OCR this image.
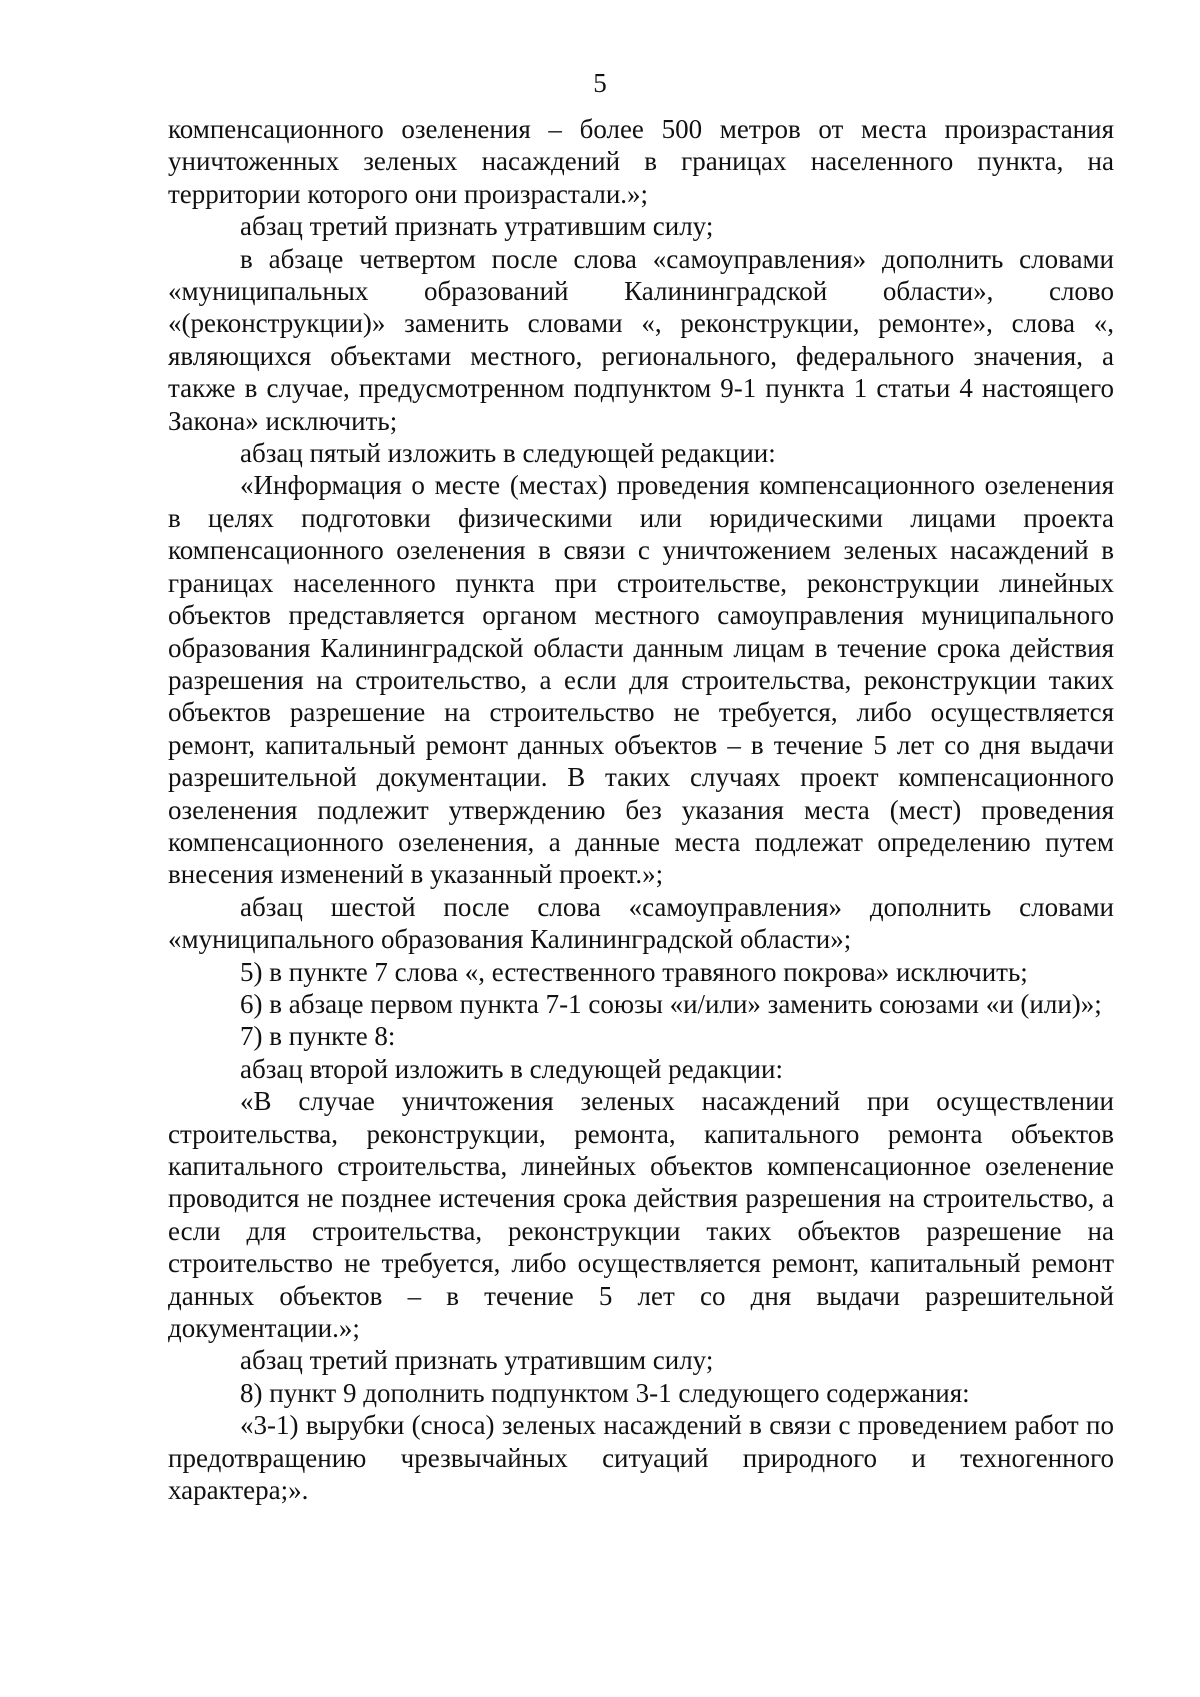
5

компенсационного озеленения – более 500 метров от места произрастания уничтоженных зеленых насаждений в границах населенного пункта, на территории которого они произрастали.»;

абзац третий признать утратившим силу;

в абзаце четвертом после слова «самоуправления» дополнить словами «муниципальных образований Калининградской области», слово «(реконструкции)» заменить словами «, реконструкции, ремонте», слова «, являющихся объектами местного, регионального, федерального значения, а также в случае, предусмотренном подпунктом 9-1 пункта 1 статьи 4 настоящего Закона» исключить;

абзац пятый изложить в следующей редакции:

«Информация о месте (местах) проведения компенсационного озеленения в целях подготовки физическими или юридическими лицами проекта компенсационного озеленения в связи с уничтожением зеленых насаждений в границах населенного пункта при строительстве, реконструкции линейных объектов представляется органом местного самоуправления муниципального образования Калининградской области данным лицам в течение срока действия разрешения на строительство, а если для строительства, реконструкции таких объектов разрешение на строительство не требуется, либо осуществляется ремонт, капитальный ремонт данных объектов – в течение 5 лет со дня выдачи разрешительной документации. В таких случаях проект компенсационного озеленения подлежит утверждению без указания места (мест) проведения компенсационного озеленения, а данные места подлежат определению путем внесения изменений в указанный проект.»;

абзац шестой после слова «самоуправления» дополнить словами «муниципального образования Калининградской области»;

5) в пункте 7 слова «, естественного травяного покрова» исключить;

6) в абзаце первом пункта 7-1 союзы «и/или» заменить союзами «и (или)»;

7) в пункте 8:

абзац второй изложить в следующей редакции:

«В случае уничтожения зеленых насаждений при осуществлении строительства, реконструкции, ремонта, капитального ремонта объектов капитального строительства, линейных объектов компенсационное озеленение проводится не позднее истечения срока действия разрешения на строительство, а если для строительства, реконструкции таких объектов разрешение на строительство не требуется, либо осуществляется ремонт, капитальный ремонт данных объектов – в течение 5 лет со дня выдачи разрешительной документации.»;

абзац третий признать утратившим силу;

8) пункт 9 дополнить подпунктом 3-1 следующего содержания:

«3-1) вырубки (сноса) зеленых насаждений в связи с проведением работ по предотвращению чрезвычайных ситуаций природного и техногенного характера;».
